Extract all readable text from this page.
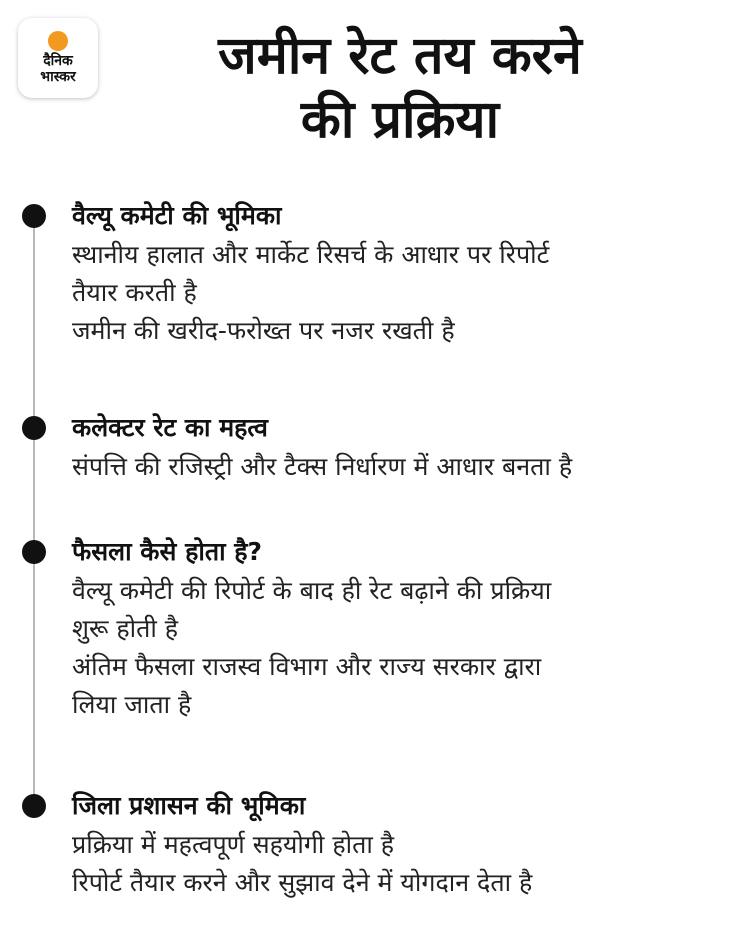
दैनिक
भास्कर	जमीन रेट तय करने
की प्रक्रिया
वैल्यू कमेटी की भूमिका
स्थानीय हालात और मार्केट रिसर्च के आधार पर रिपोर्ट
तैयार करती है
जमीन की खरीद-फरोख्त पर नजर रखती है
कलेक्टर रेट का महत्व
संपत्ति की रजिस्ट्री और टैक्स निर्धारण में आधार बनता है
फैसला कैसे होता है?
वैल्यू कमेटी की रिपोर्ट के बाद ही रेट बढ़ाने की प्रक्रिया
शुरू होती है
अंतिम फैसला राजस्व विभाग और राज्य सरकार द्वारा
लिया जाता है
जिला प्रशासन की भूमिका
प्रक्रिया में महत्वपूर्ण सहयोगी होता है
रिपोर्ट तैयार करने और सुझाव देने में योगदान देता है
